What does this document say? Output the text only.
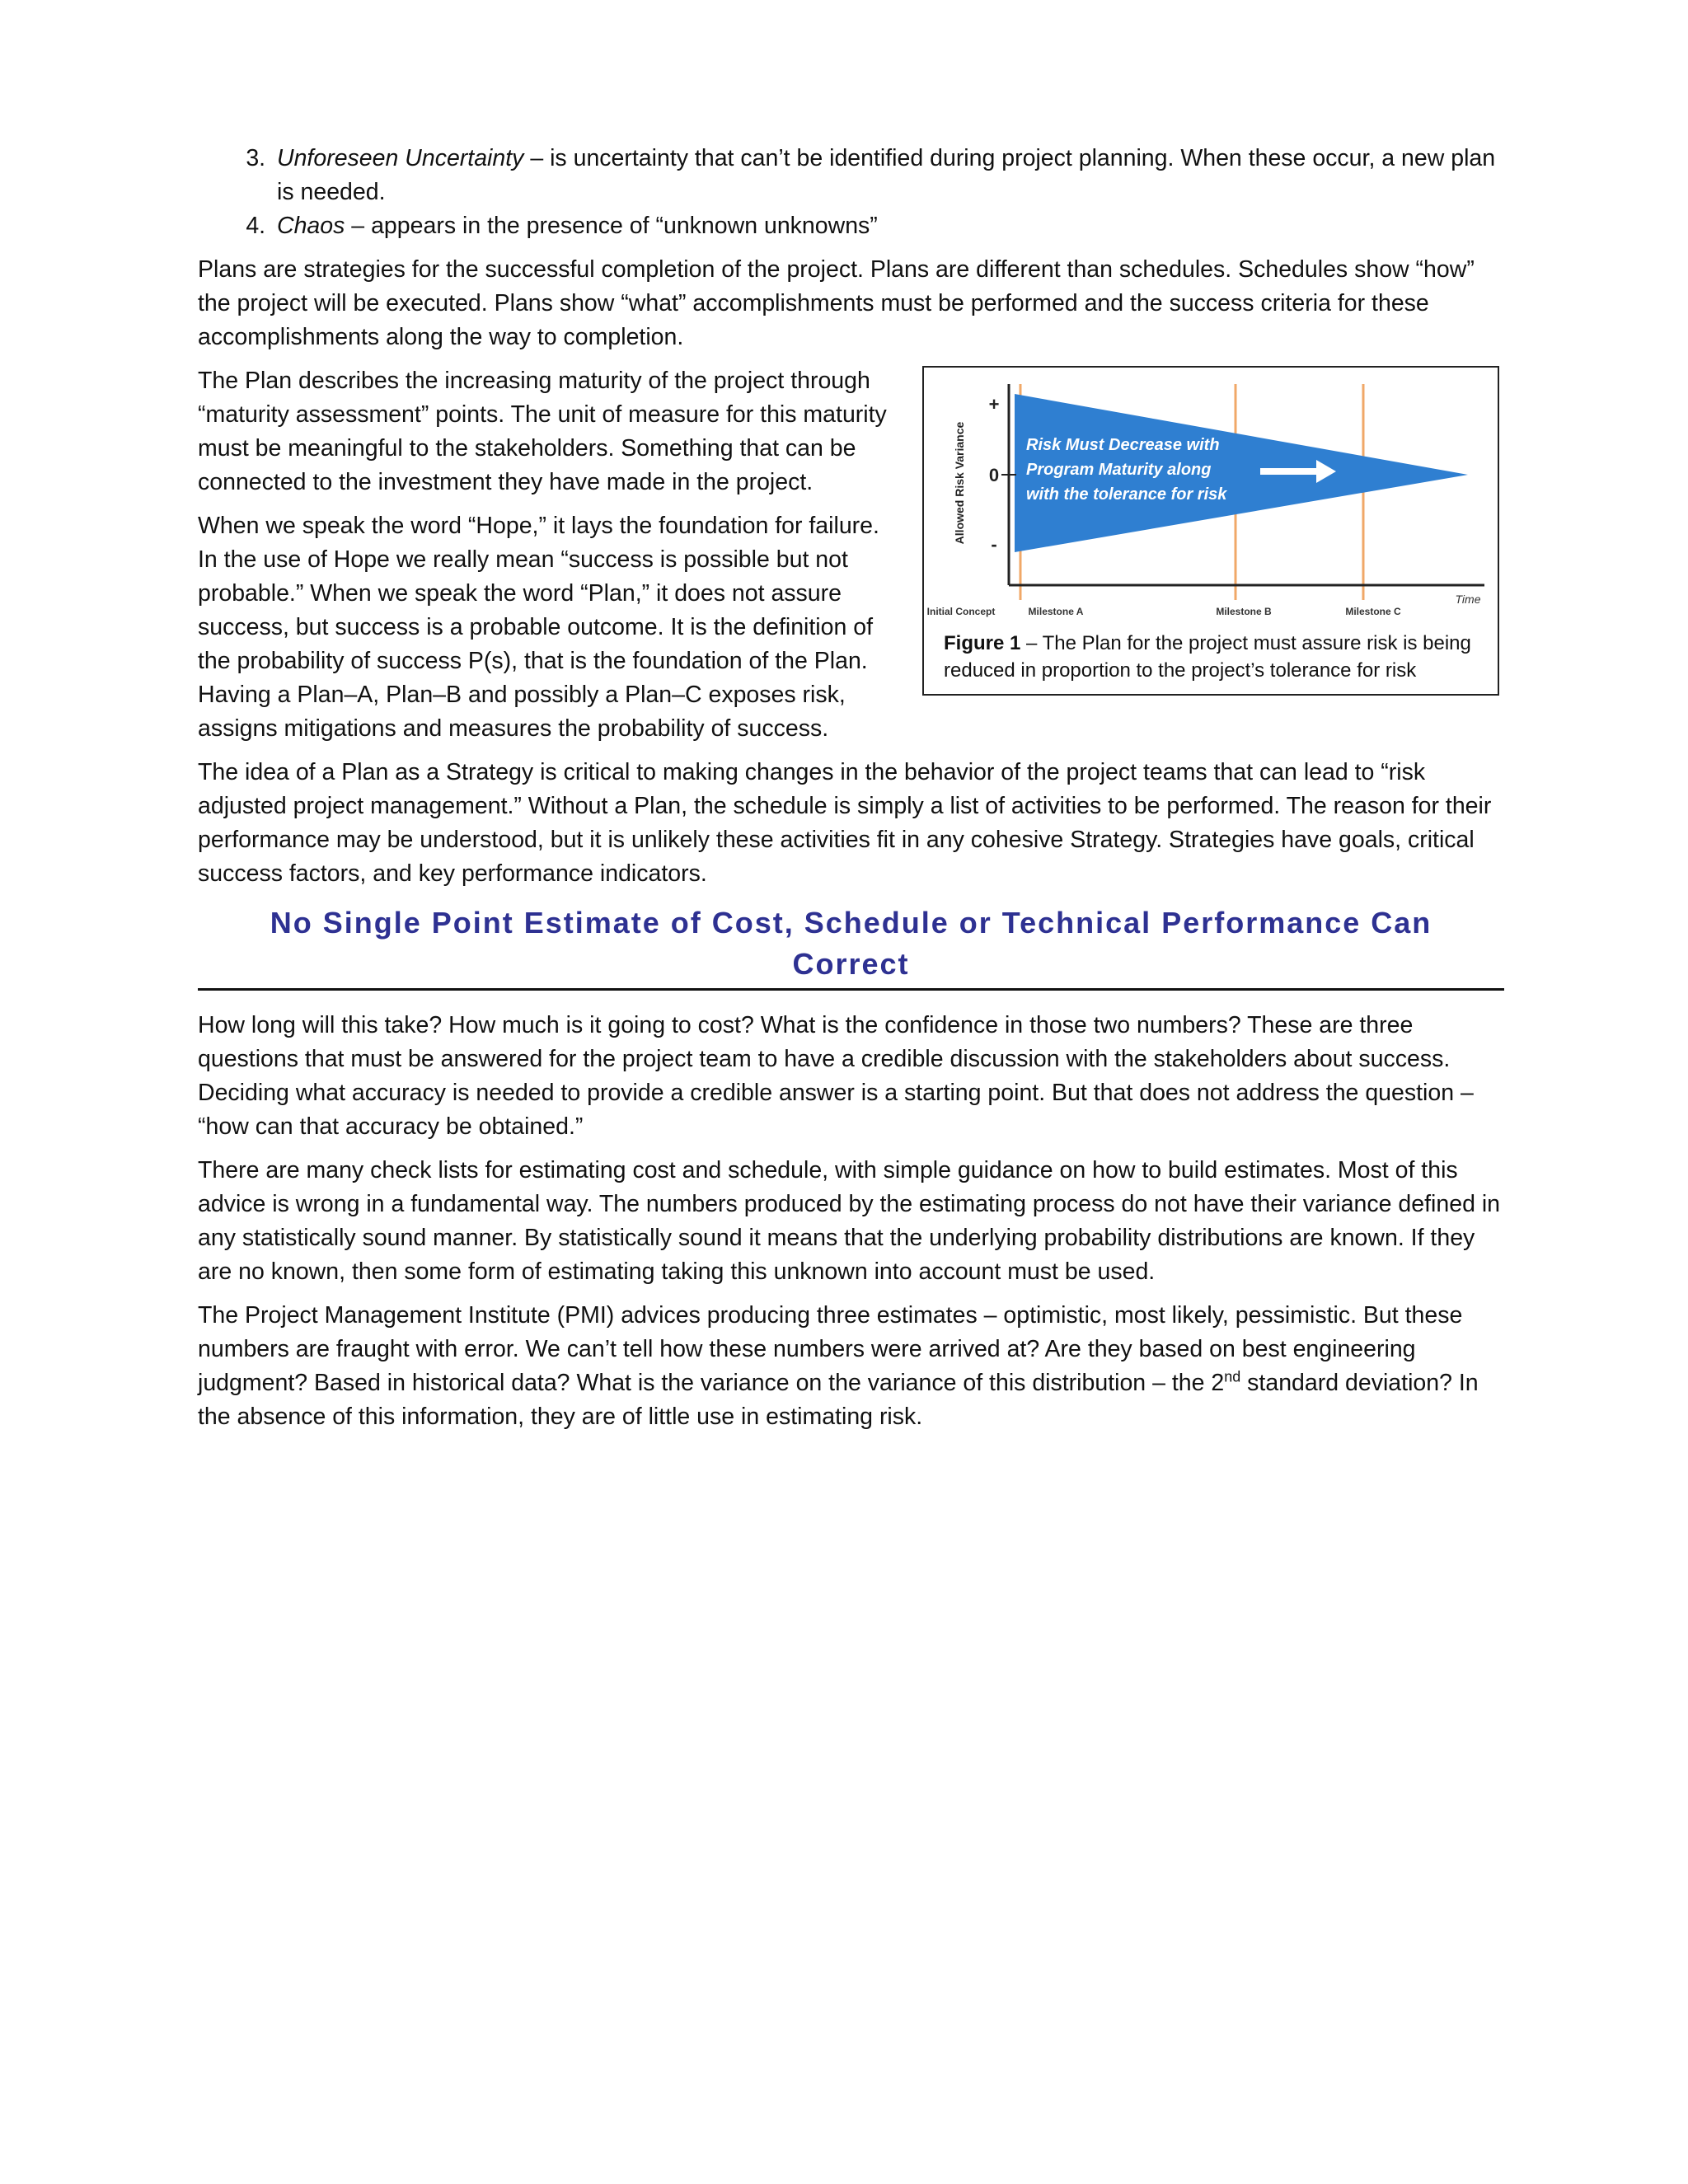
3. Unforeseen Uncertainty – is uncertainty that can’t be identified during project planning. When these occur, a new plan is needed.
4. Chaos – appears in the presence of “unknown unknowns”

Plans are strategies for the successful completion of the project. Plans are different than schedules. Schedules show “how” the project will be executed. Plans show “what” accomplishments must be performed and the success criteria for these accomplishments along the way to completion.

+
0
-
Allowed Risk Variance	Risk Must Decrease with
Program Maturity along
with the tolerance for risk
Time
Initial Concept	Milestone A	Milestone B	Milestone C
Figure 1 – The Plan for the project must assure risk is being reduced in proportion to the project’s tolerance for risk

The Plan describes the increasing maturity of the project through “maturity assessment” points. The unit of measure for this maturity must be meaningful to the stakeholders. Something that can be connected to the investment they have made in the project.

When we speak the word “Hope,” it lays the foundation for failure. In the use of Hope we really mean “success is possible but not probable.” When we speak the word “Plan,” it does not assure success, but success is a probable outcome. It is the definition of the probability of success P(s), that is the foundation of the Plan. Having a Plan–A, Plan–B and possibly a Plan–C exposes risk, assigns mitigations and measures the probability of success.

The idea of a Plan as a Strategy is critical to making changes in the behavior of the project teams that can lead to “risk adjusted project management.” Without a Plan, the schedule is simply a list of activities to be performed. The reason for their performance may be understood, but it is unlikely these activities fit in any cohesive Strategy. Strategies have goals, critical success factors, and key performance indicators.

No Single Point Estimate of Cost, Schedule or Technical Performance Can Correct

How long will this take? How much is it going to cost? What is the confidence in those two numbers? These are three questions that must be answered for the project team to have a credible discussion with the stakeholders about success. Deciding what accuracy is needed to provide a credible answer is a starting point. But that does not address the question – “how can that accuracy be obtained.”

There are many check lists for estimating cost and schedule, with simple guidance on how to build estimates. Most of this advice is wrong in a fundamental way. The numbers produced by the estimating process do not have their variance defined in any statistically sound manner. By statistically sound it means that the underlying probability distributions are known. If they are no known, then some form of estimating taking this unknown into account must be used.

The Project Management Institute (PMI) advices producing three estimates – optimistic, most likely, pessimistic. But these numbers are fraught with error. We can’t tell how these numbers were arrived at? Are they based on best engineering judgment? Based in historical data? What is the variance on the variance of this distribution – the 2nd standard deviation? In the absence of this information, they are of little use in estimating risk.
